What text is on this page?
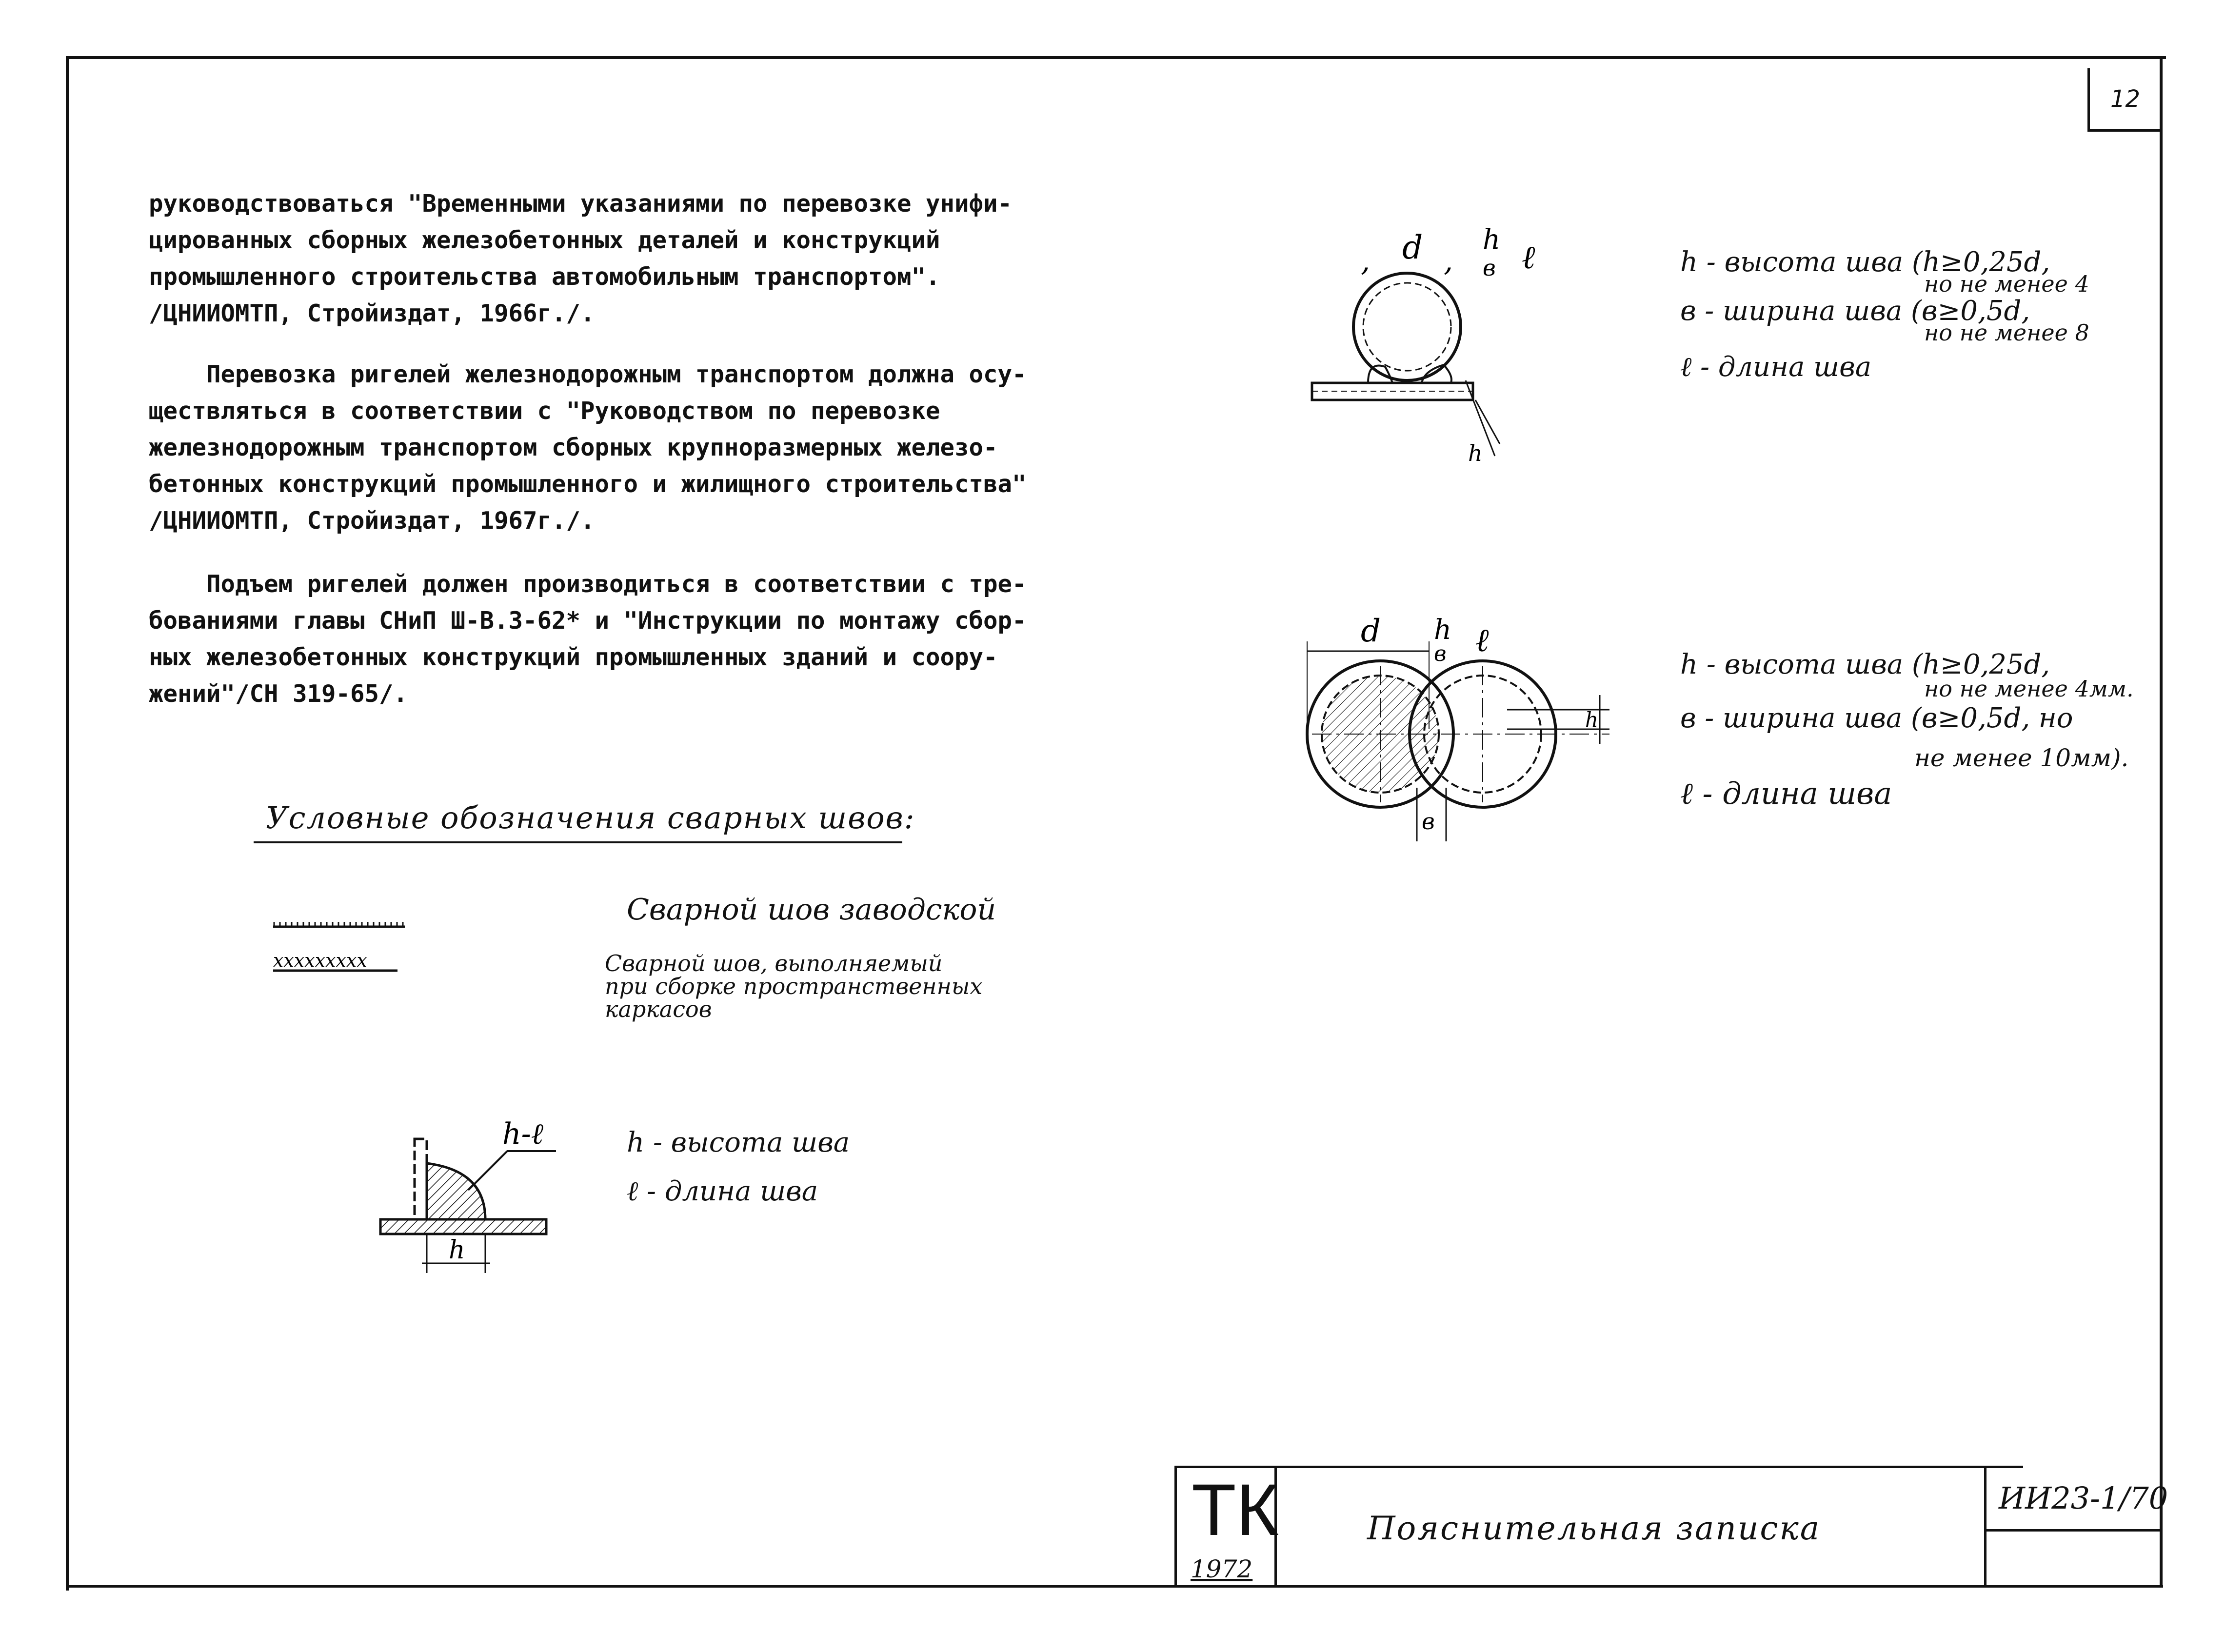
12
руководствоваться "Временными указаниями по перевозке унифи-
цированных сборных железобетонных деталей и конструкций
промышленного строительства автомобильным транспортом".
/ЦНИИОМТП, Стройиздат, 1966г./.
Перевозка ригелей железнодорожным транспортом должна осу-
ществляться в соответствии с "Руководством по перевозке
железнодорожным транспортом сборных крупноразмерных железо-
бетонных конструкций промышленного и жилищного строительства"
/ЦНИИОМТП, Стройиздат, 1967г./.
Подъем ригелей должен производиться в соответствии с тре-
бованиями главы СНиП Ш-В.3-62* и "Инструкции по монтажу сбор-
ных железобетонных конструкций промышленных зданий и соору-
жений"/СН 319-65/.
Условные обозначения сварных швов:
xxxxxxxxx
Сварной шов заводской
Сварной шов, выполняемый
при сборке пространственных
каркасов
h-ℓ
h
h - высота шва
ℓ - длина шва
d
,	,
h
в ℓ
h
h - высота шва (h≥0,25d,
но не менее 4
в - ширина шва (в≥0,5d,
но не менее 8
ℓ - длина шва
d h
в ℓ
h
в
h - высота шва (h≥0,25d,
но не менее 4мм.
в - ширина шва (в≥0,5d, но
не менее 10мм).
ℓ - длина шва
ТК
1972
Пояснительная записка
ИИ23-1/70
